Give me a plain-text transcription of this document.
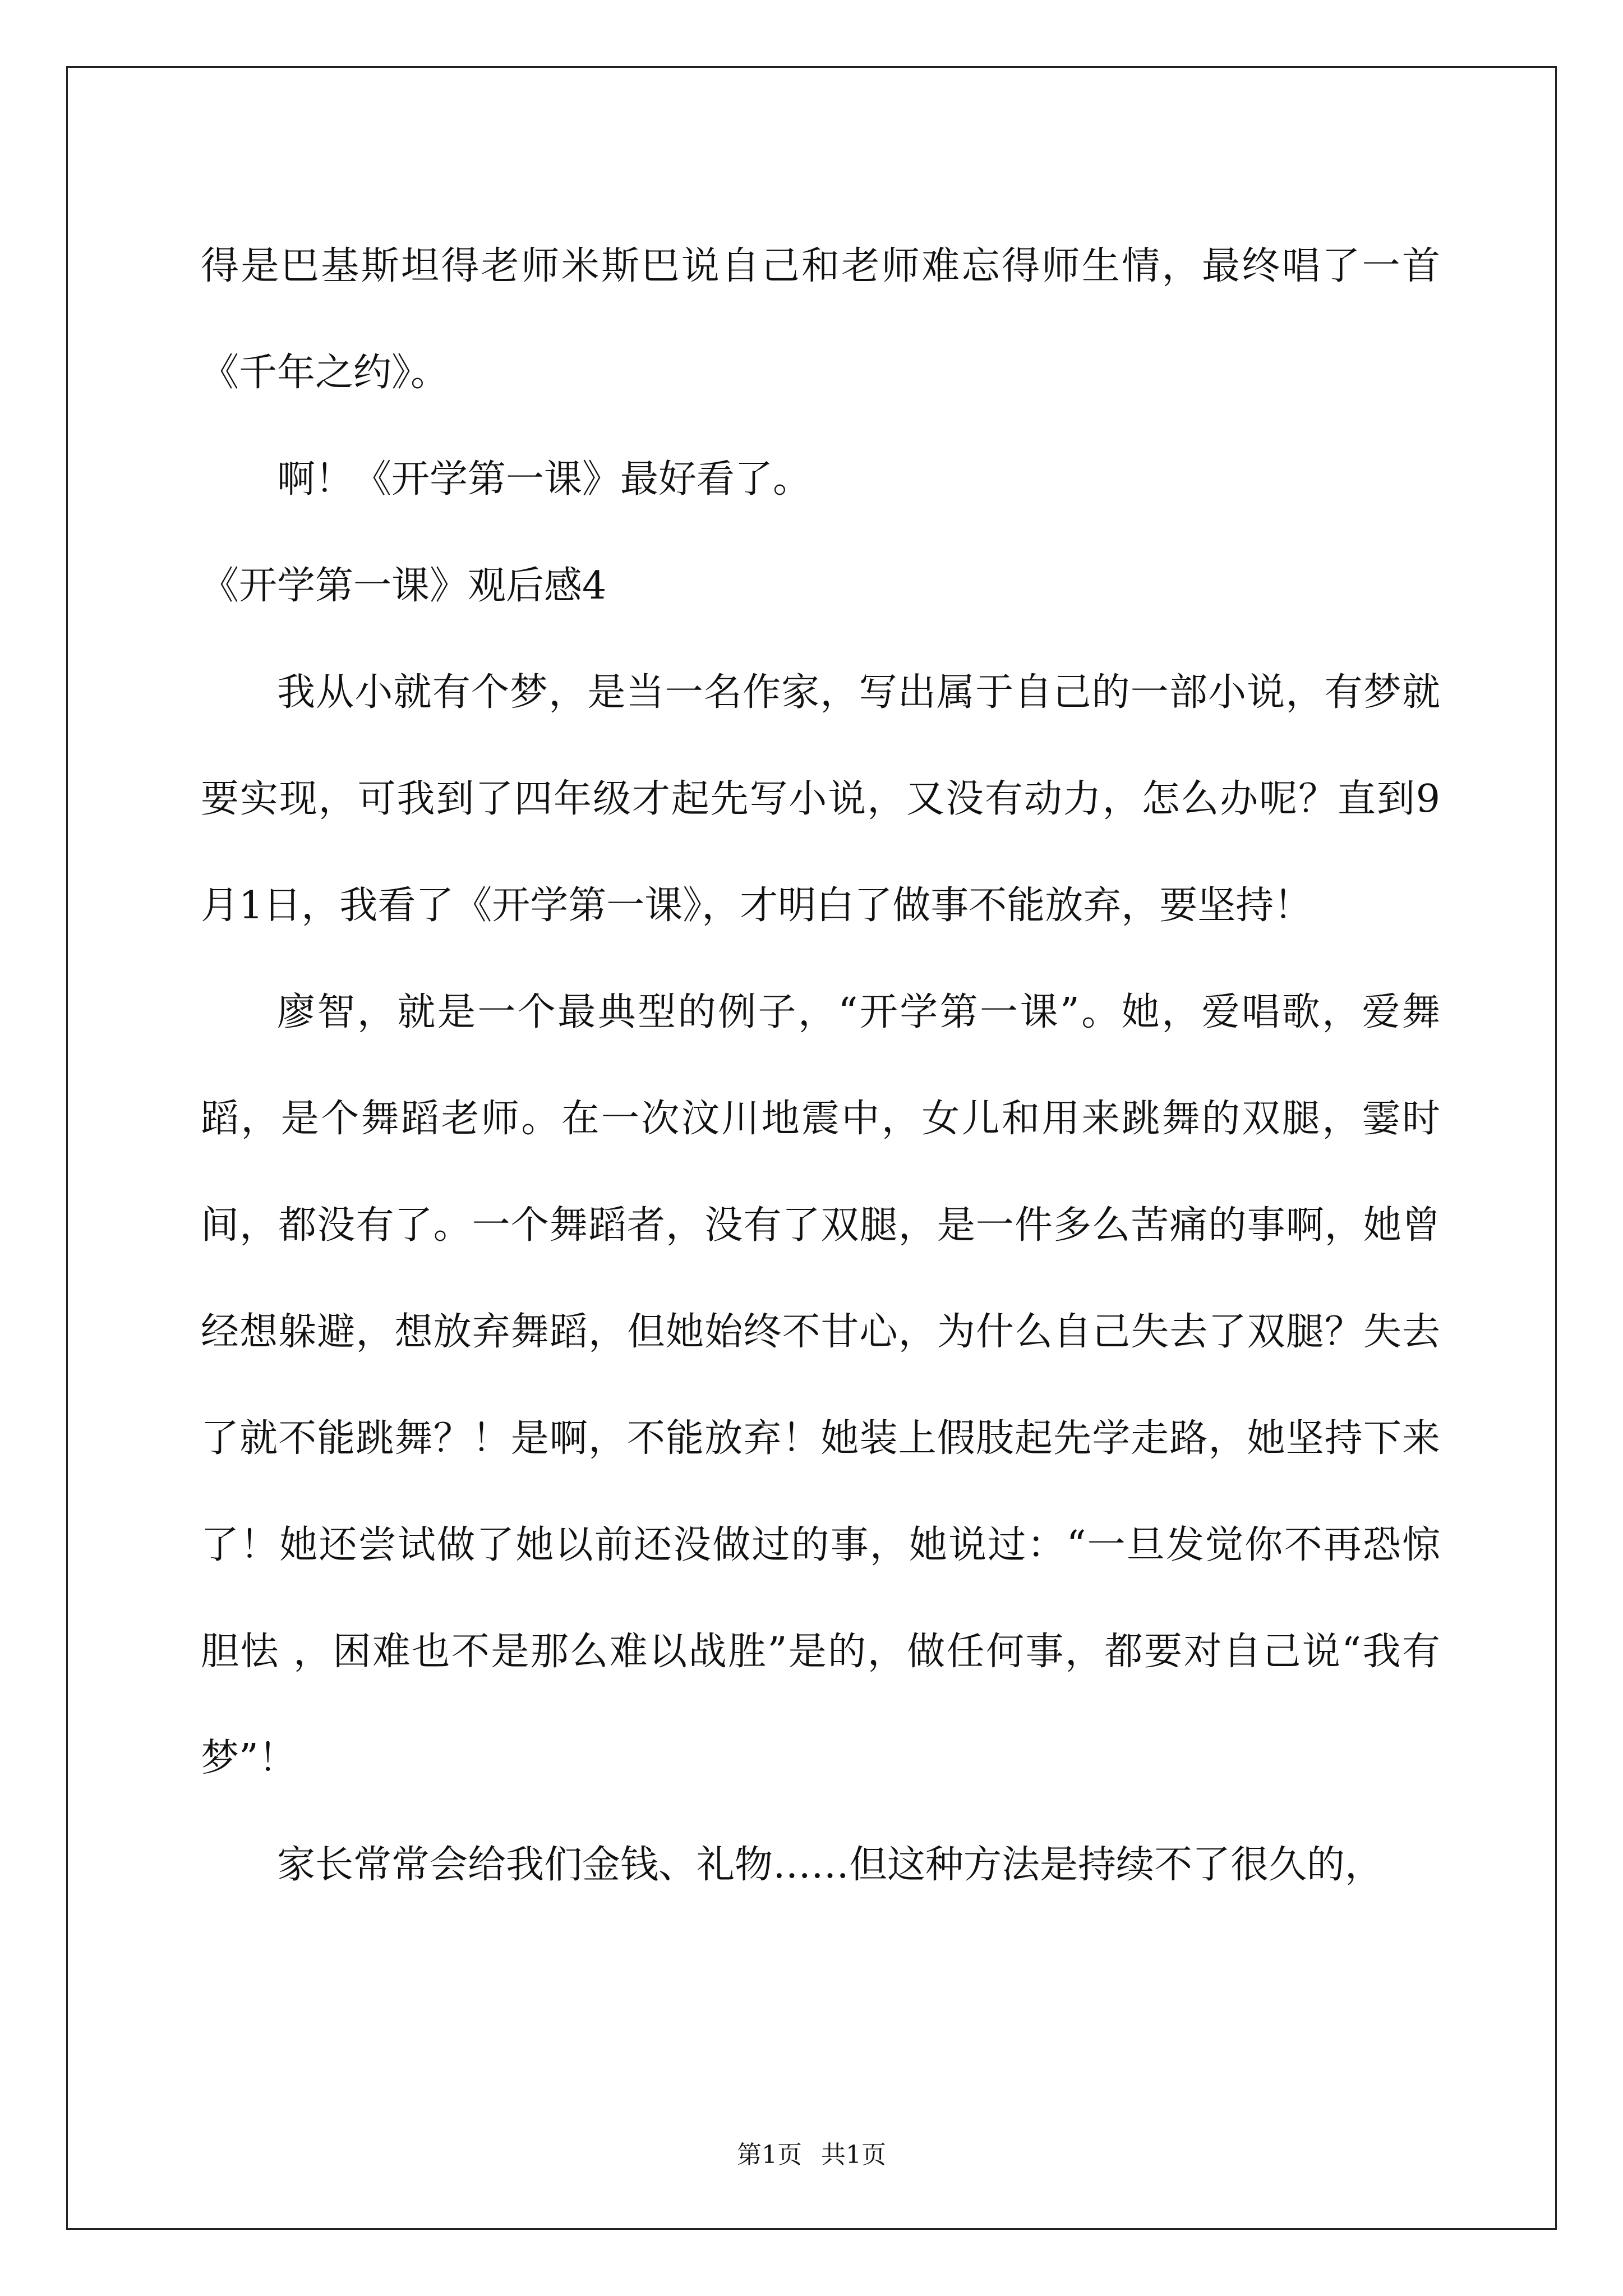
得是巴基斯坦得老师米斯巴说自己和老师难忘得师生情，最终唱了一首《千年之约》。

啊！《开学第一课》最好看了。

《开学第一课》观后感4

我从小就有个梦，是当一名作家，写出属于自己的一部小说，有梦就要实现，可我到了四年级才起先写小说，又没有动力，怎么办呢？直到9月1日，我看了《开学第一课》，才明白了做事不能放弃，要坚持！

廖智，就是一个最典型的例子，“开学第一课”。她，爱唱歌，爱舞蹈，是个舞蹈老师。在一次汶川地震中，女儿和用来跳舞的双腿，霎时间，都没有了。一个舞蹈者，没有了双腿，是一件多么苦痛的事啊，她曾经想躲避，想放弃舞蹈，但她始终不甘心，为什么自己失去了双腿？失去了就不能跳舞？！是啊，不能放弃！她装上假肢起先学走路，她坚持下来了！她还尝试做了她以前还没做过的事，她说过：“一旦发觉你不再恐惊胆怯 ，困难也不是那么难以战胜”是的，做任何事，都要对自己说“我有梦”！

家长常常会给我们金钱、礼物……但这种方法是持续不了很久的，

第1页 共1页
